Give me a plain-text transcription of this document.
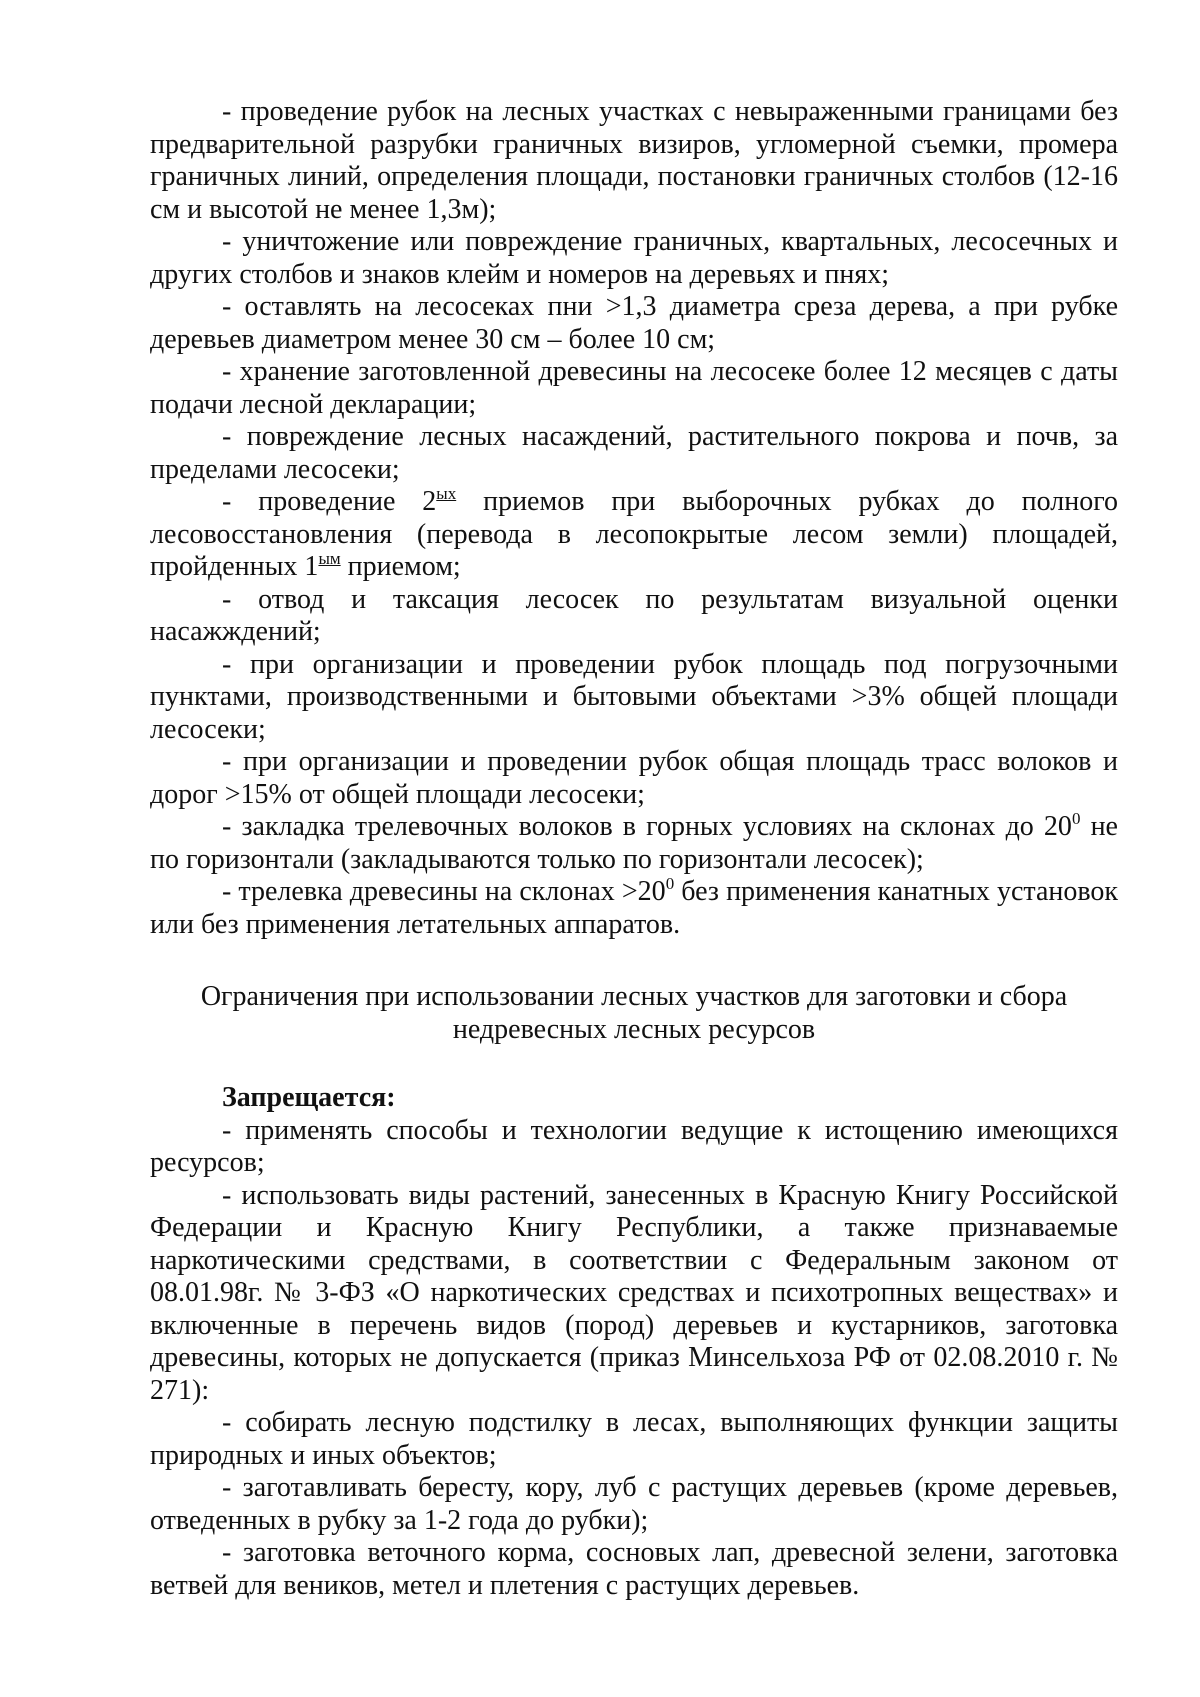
- проведение рубок на лесных участках с невыраженными границами без предварительной разрубки граничных визиров, угломерной съемки, промера граничных линий, определения площади, постановки граничных столбов (12-16 см и высотой не менее 1,3м);

- уничтожение или повреждение граничных, квартальных, лесосечных и других столбов и знаков клейм и номеров на деревьях и пнях;

- оставлять на лесосеках пни >1,3 диаметра среза дерева, а при рубке деревьев диаметром менее 30 см – более 10 см;

- хранение заготовленной древесины на лесосеке более 12 месяцев с даты подачи лесной декларации;

- повреждение лесных насаждений, растительного покрова и почв, за пределами лесосеки;

- проведение $2^{ых}$ приемов при выборочных рубках до полного лесовосстановления (перевода в лесопокрытые лесом земли) площадей, пройденных $1^{ым}$ приемом;

- отвод и таксация лесосек по результатам визуальной оценки насажждений;

- при организации и проведении рубок площадь под погрузочными пунктами, производственными и бытовыми объектами >3% общей площади лесосеки;

- при организации и проведении рубок общая площадь трасс волоков и дорог >15% от общей площади лесосеки;

- закладка трелевочных волоков в горных условиях на склонах до $20^0$ не по горизонтали (закладываются только по горизонтали лесосек);

- трелевка древесины на склонах $>20^0$ без применения канатных установок или без применения летательных аппаратов.

Ограничения при использовании лесных участков для заготовки и сбора недревесных лесных ресурсов

Запрещается:

- применять способы и технологии ведущие к истощению имеющихся ресурсов;

- использовать виды растений, занесенных в Красную Книгу Российской Федерации и Красную Книгу Республики, а также признаваемые наркотическими средствами, в соответствии с Федеральным законом от 08.01.98г. № 3-ФЗ «О наркотических средствах и психотропных веществах» и включенные в перечень видов (пород) деревьев и кустарников, заготовка древесины, которых не допускается (приказ Минсельхоза РФ от 02.08.2010 г. № 271):

- собирать лесную подстилку в лесах, выполняющих функции защиты природных и иных объектов;

- заготавливать бересту, кору, луб с растущих деревьев (кроме деревьев, отведенных в рубку за 1-2 года до рубки);

- заготовка веточного корма, сосновых лап, древесной зелени, заготовка ветвей для веников, метел и плетения с растущих деревьев.
